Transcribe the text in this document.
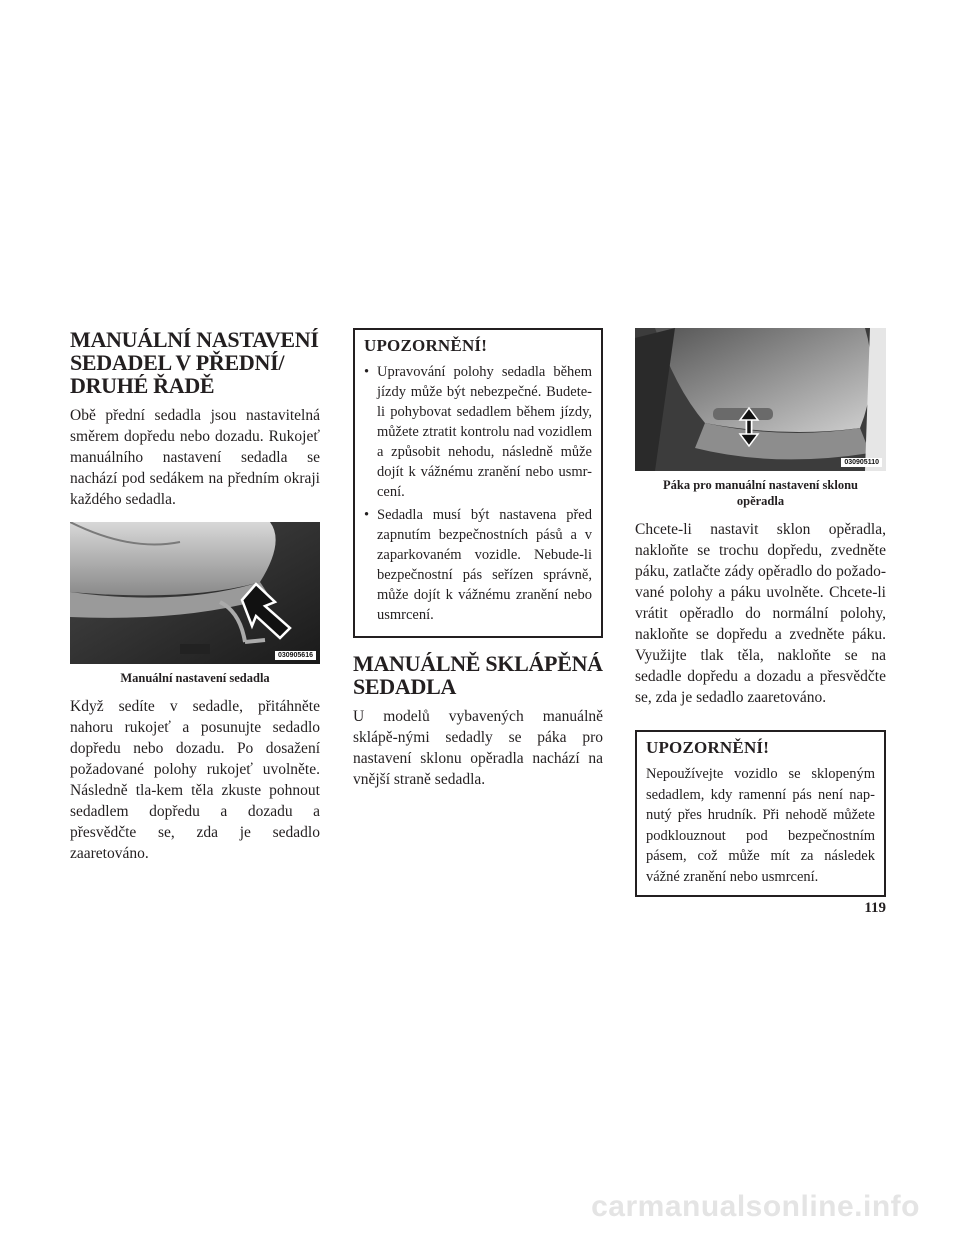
MANUÁLNÍ NASTAVENÍ SEDADEL V PŘEDNÍ/ DRUHÉ ŘADĚ

Obě přední sedadla jsou nastavitelná směrem dopředu nebo dozadu. Rukojeť manuálního nastavení sedadla se nachází pod sedákem na předním okraji každého sedadla.

030905616
Manuální nastavení sedadla

Když sedíte v sedadle, přitáhněte nahoru rukojeť a posunujte sedadlo dopředu nebo dozadu. Po dosažení požadované polohy rukojeť uvolněte. Následně tla-kem těla zkuste pohnout sedadlem dopředu a dozadu a přesvědčte se, zda je sedadlo zaaretováno.

UPOZORNĚNÍ!
• Upravování polohy sedadla během jízdy může být nebezpečné. Budete-li pohybovat sedadlem během jízdy, můžete ztratit kontrolu nad vozidlem a způsobit nehodu, následně může dojít k vážnému zranění nebo usmr-cení.
• Sedadla musí být nastavena před zapnutím bezpečnostních pásů a v zaparkovaném vozidle. Nebude-li bezpečnostní pás seřízen správně, může dojít k vážnému zranění nebo usmrcení.
MANUÁLNĚ SKLÁPĚNÁ SEDADLA

U modelů vybavených manuálně sklápě-nými sedadly se páka pro nastavení sklonu opěradla nachází na vnější straně sedadla.

030905110
Páka pro manuální nastavení sklonu opěradla

Chcete-li nastavit sklon opěradla, nakloňte se trochu dopředu, zvedněte páku, zatlačte zády opěradlo do požado-vané polohy a páku uvolněte. Chcete-li vrátit opěradlo do normální polohy, nakloňte se dopředu a zvedněte páku. Využijte tlak těla, nakloňte se na sedadle dopředu a dozadu a přesvědčte se, zda je sedadlo zaaretováno.

UPOZORNĚNÍ!

Nepoužívejte vozidlo se sklopeným sedadlem, kdy ramenní pás není nap-nutý přes hrudník. Při nehodě můžete podklouznout pod bezpečnostním pásem, což může mít za následek vážné zranění nebo usmrcení.

119
carmanualsonline.info
